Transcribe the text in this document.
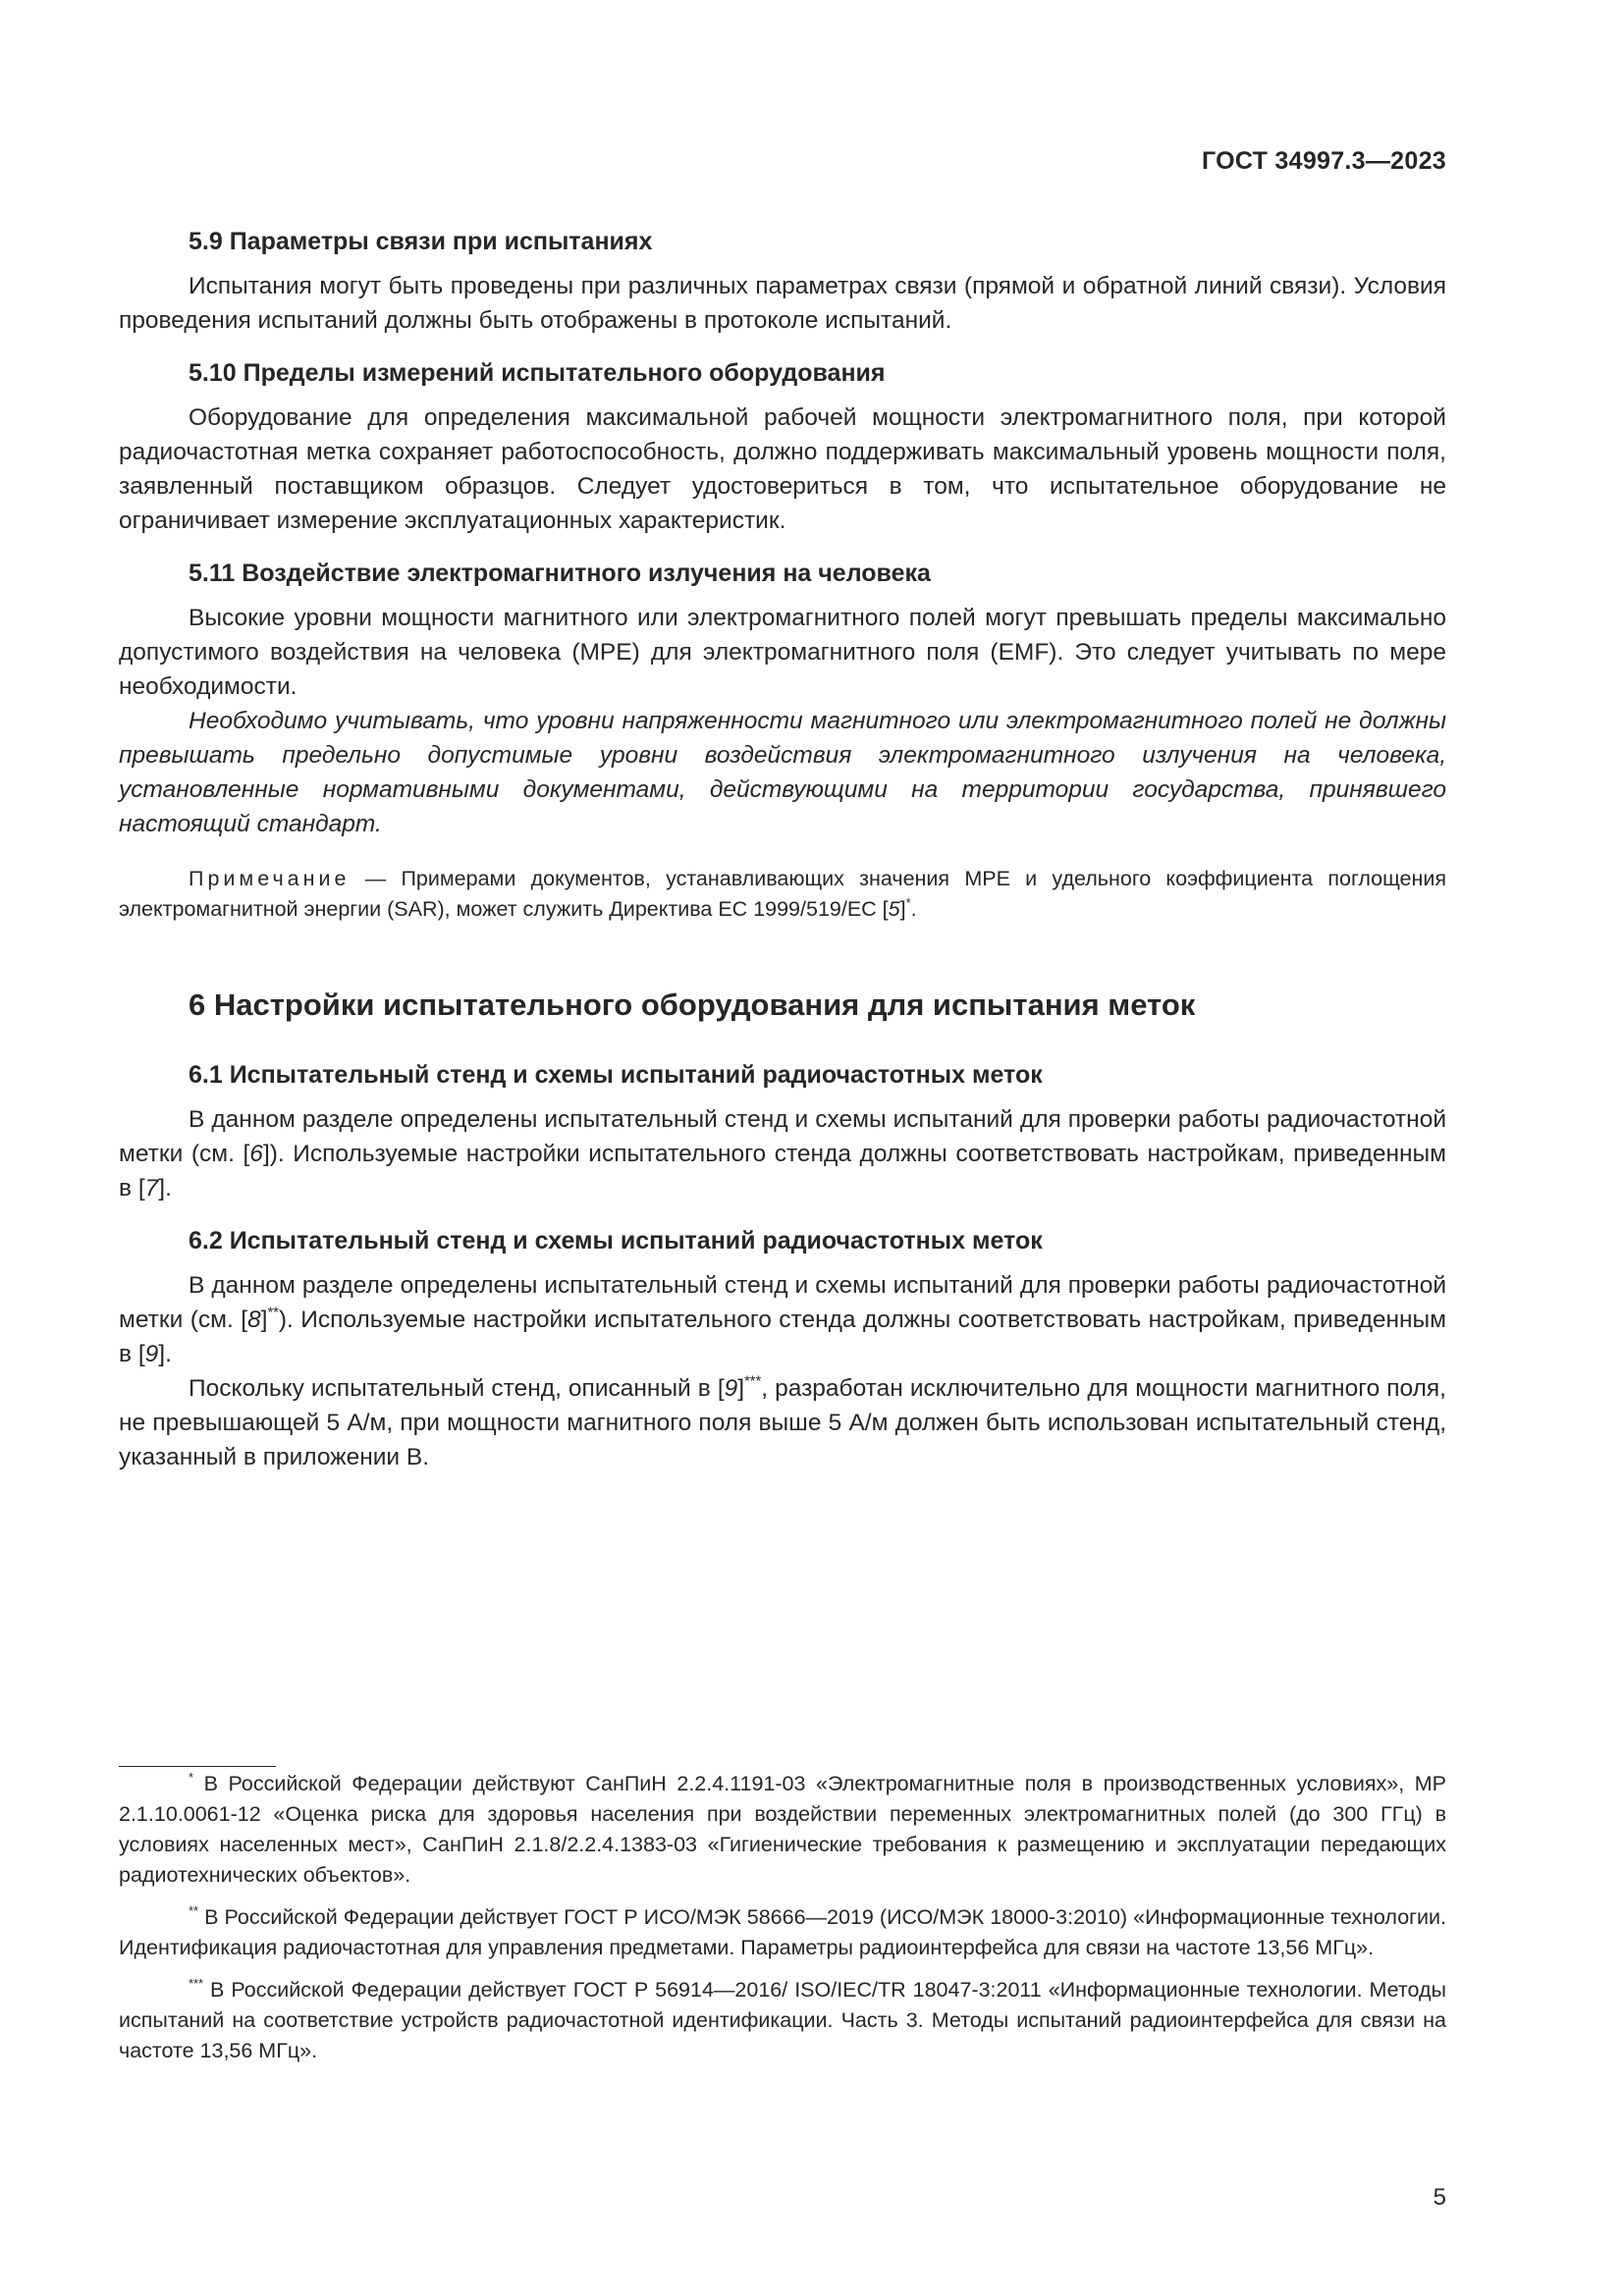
ГОСТ 34997.3—2023
5.9 Параметры связи при испытаниях

Испытания могут быть проведены при различных параметрах связи (прямой и обратной линий связи). Условия проведения испытаний должны быть отображены в протоколе испытаний.

5.10 Пределы измерений испытательного оборудования

Оборудование для определения максимальной рабочей мощности электромагнитного поля, при которой радиочастотная метка сохраняет работоспособность, должно поддерживать максимальный уровень мощности поля, заявленный поставщиком образцов. Следует удостовериться в том, что испытательное оборудование не ограничивает измерение эксплуатационных характеристик.

5.11 Воздействие электромагнитного излучения на человека

Высокие уровни мощности магнитного или электромагнитного полей могут превышать пределы максимально допустимого воздействия на человека (МРЕ) для электромагнитного поля (EMF). Это следует учитывать по мере необходимости.

Необходимо учитывать, что уровни напряженности магнитного или электромагнитного полей не должны превышать предельно допустимые уровни воздействия электромагнитного излучения на человека, установленные нормативными документами, действующими на территории государства, принявшего настоящий стандарт.

Примечание — Примерами документов, устанавливающих значения МРЕ и удельного коэффициента поглощения электромагнитной энергии (SAR), может служить Директива ЕС 1999/519/ЕС [5]*.

6 Настройки испытательного оборудования для испытания меток
6.1 Испытательный стенд и схемы испытаний радиочастотных меток

В данном разделе определены испытательный стенд и схемы испытаний для проверки работы радиочастотной метки (см. [6]). Используемые настройки испытательного стенда должны соответствовать настройкам, приведенным в [7].

6.2 Испытательный стенд и схемы испытаний радиочастотных меток

В данном разделе определены испытательный стенд и схемы испытаний для проверки работы радиочастотной метки (см. [8]**). Используемые настройки испытательного стенда должны соответствовать настройкам, приведенным в [9].

Поскольку испытательный стенд, описанный в [9]***, разработан исключительно для мощности магнитного поля, не превышающей 5 А/м, при мощности магнитного поля выше 5 А/м должен быть использован испытательный стенд, указанный в приложении В.

* В Российской Федерации действуют СанПиН 2.2.4.1191-03 «Электромагнитные поля в производственных условиях», МР 2.1.10.0061-12 «Оценка риска для здоровья населения при воздействии переменных электромагнитных полей (до 300 ГГц) в условиях населенных мест», СанПиН 2.1.8/2.2.4.1383-03 «Гигиенические требования к размещению и эксплуатации передающих радиотехнических объектов».

** В Российской Федерации действует ГОСТ Р ИСО/МЭК 58666—2019 (ИСО/МЭК 18000-3:2010) «Информационные технологии. Идентификация радиочастотная для управления предметами. Параметры радиоинтерфейса для связи на частоте 13,56 МГц».

*** В Российской Федерации действует ГОСТ Р 56914—2016/ ISO/IEC/TR 18047-3:2011 «Информационные технологии. Методы испытаний на соответствие устройств радиочастотной идентификации. Часть 3. Методы испытаний радиоинтерфейса для связи на частоте 13,56 МГц».

5
